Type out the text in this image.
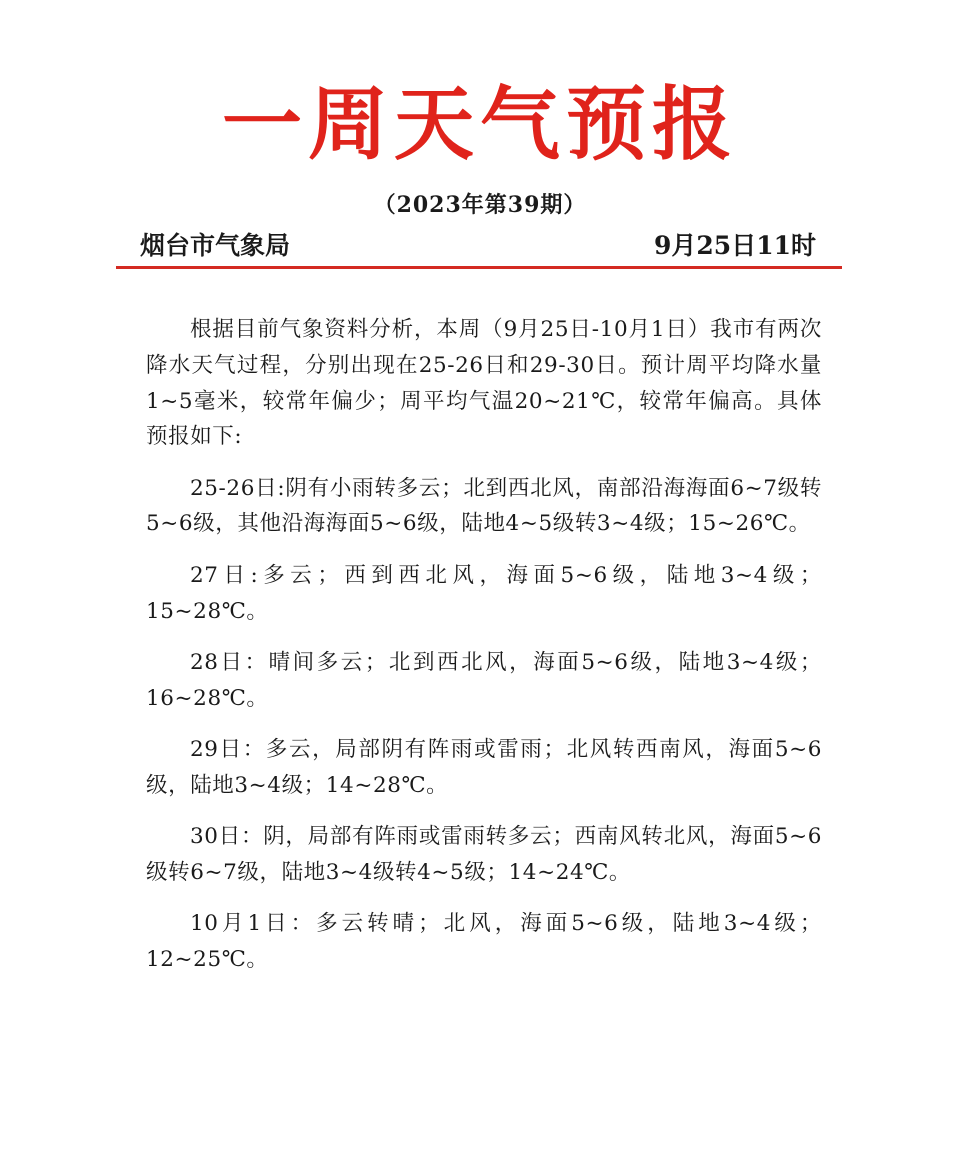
一周天气预报
（2023年第39期）
烟台市气象局	9月25日11时

根据目前气象资料分析，本周（9月25日-10月1日）我市有两次降水天气过程，分别出现在25-26日和29-30日。预计周平均降水量1~5毫米，较常年偏少；周平均气温20~21℃，较常年偏高。具体预报如下:

25-26日:阴有小雨转多云；北到西北风，南部沿海海面6~7级转5~6级，其他沿海海面5~6级，陆地4~5级转3~4级；15~26℃。

27日:多云；西到西北风，海面5~6级，陆地3~4级；15~28℃。

28日：晴间多云；北到西北风，海面5~6级，陆地3~4级；16~28℃。

29日：多云，局部阴有阵雨或雷雨；北风转西南风，海面5~6级，陆地3~4级；14~28℃。

30日：阴，局部有阵雨或雷雨转多云；西南风转北风，海面5~6级转6~7级，陆地3~4级转4~5级；14~24℃。

10月1日：多云转晴；北风，海面5~6级，陆地3~4级；12~25℃。
